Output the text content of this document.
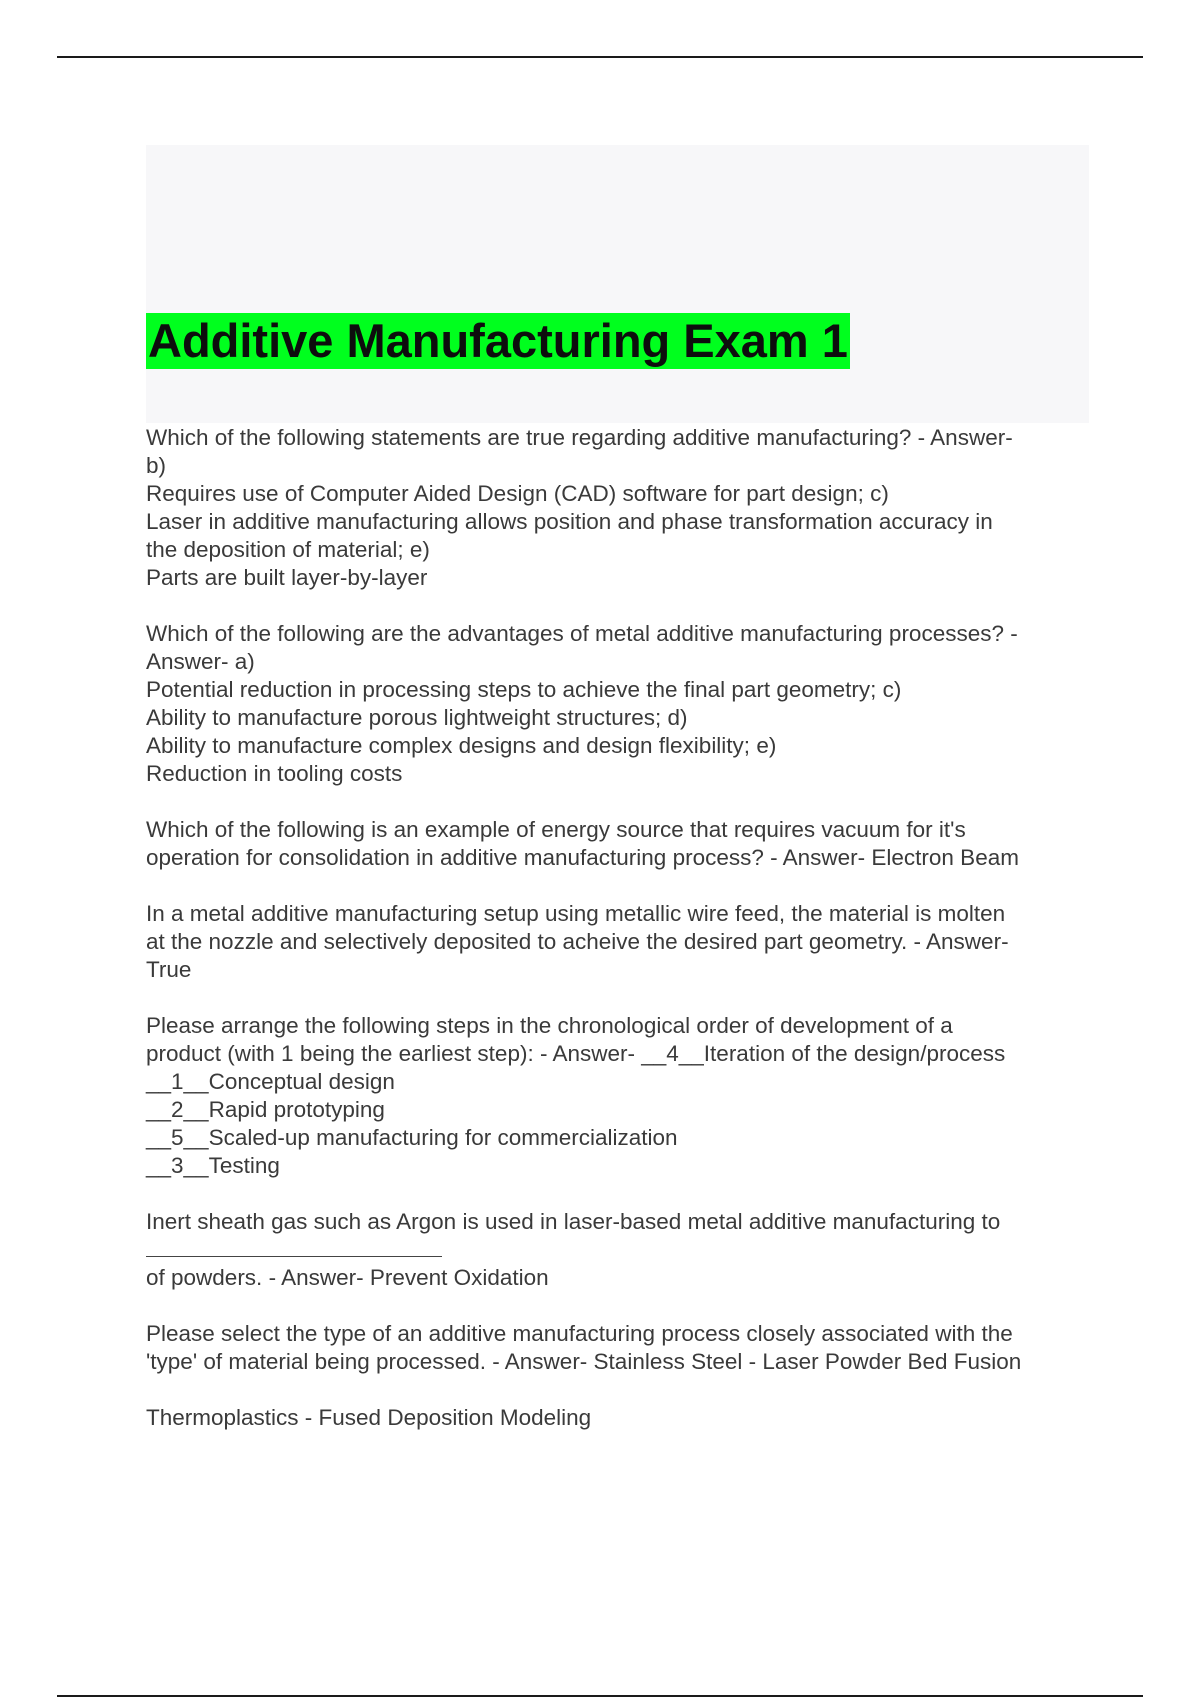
Additive Manufacturing Exam 1
Which of the following statements are true regarding additive manufacturing? - Answer-
b)
Requires use of Computer Aided Design (CAD) software for part design; c)
Laser in additive manufacturing allows position and phase transformation accuracy in
the deposition of material; e)
Parts are built layer-by-layer
Which of the following are the advantages of metal additive manufacturing processes? -
Answer- a)
Potential reduction in processing steps to achieve the final part geometry; c)
Ability to manufacture porous lightweight structures; d)
Ability to manufacture complex designs and design flexibility; e)
Reduction in tooling costs
Which of the following is an example of energy source that requires vacuum for it's
operation for consolidation in additive manufacturing process? - Answer- Electron Beam
In a metal additive manufacturing setup using metallic wire feed, the material is molten
at the nozzle and selectively deposited to acheive the desired part geometry. - Answer-
True
Please arrange the following steps in the chronological order of development of a
product (with 1 being the earliest step): - Answer- __4__Iteration of the design/process
__1__Conceptual design
__2__Rapid prototyping
__5__Scaled-up manufacturing for commercialization
__3__Testing
Inert sheath gas such as Argon is used in laser-based metal additive manufacturing to
of powders. - Answer- Prevent Oxidation
Please select the type of an additive manufacturing process closely associated with the
'type' of material being processed. - Answer- Stainless Steel - Laser Powder Bed Fusion
Thermoplastics - Fused Deposition Modeling
